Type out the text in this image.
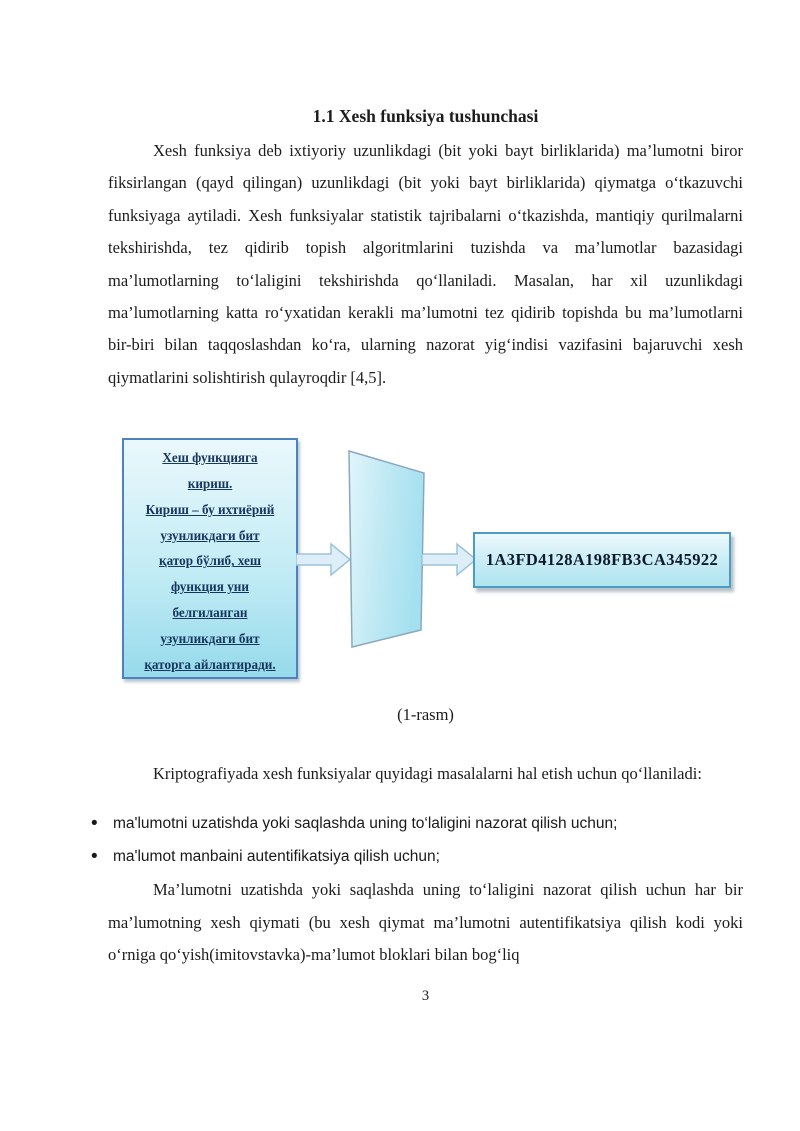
1.1 Xesh funksiya tushunchasi

Xesh funksiya deb ixtiyoriy uzunlikdagi (bit yoki bayt birliklarida) ma’lumotni biror fiksirlangan (qayd qilingan) uzunlikdagi (bit yoki bayt birliklarida) qiymatga o‘tkazuvchi funksiyaga aytiladi. Xesh funksiyalar statistik tajribalarni o‘tkazishda, mantiqiy qurilmalarni tekshirishda, tez qidirib topish algoritmlarini tuzishda va ma’lumotlar bazasidagi ma’lumotlarning to‘laligini tekshirishda qo‘llaniladi. Masalan, har xil uzunlikdagi ma’lumotlarning katta ro‘yxatidan kerakli ma’lumotni tez qidirib topishda bu ma’lumotlarni bir-biri bilan taqqoslashdan ko‘ra, ularning nazorat yig‘indisi vazifasini bajaruvchi xesh qiymatlarini solishtirish qulayroqdir [4,5].

Хеш функцияга
кириш.
Кириш – бу ихтиёрий
узунликдаги бит
қатор бўлиб, хеш
функция уни
белгиланган
узунликдаги бит
қаторга айлантиради.
1A3FD4128A198FB3CA345922
(1-rasm)

Kriptografiyada xesh funksiyalar quyidagi masalalarni hal etish uchun qo‘llaniladi:

• ma'lumotni uzatishda yoki saqlashda uning to‘laligini nazorat qilish uchun;
• ma'lumot manbaini autentifikatsiya qilish uchun;

Ma’lumotni uzatishda yoki saqlashda uning to‘laligini nazorat qilish uchun har bir ma’lumotning xesh qiymati (bu xesh qiymat ma’lumotni autentifikatsiya qilish kodi yoki o‘rniga qo‘yish(imitovstavka)-ma’lumot bloklari bilan bog‘liq

3
